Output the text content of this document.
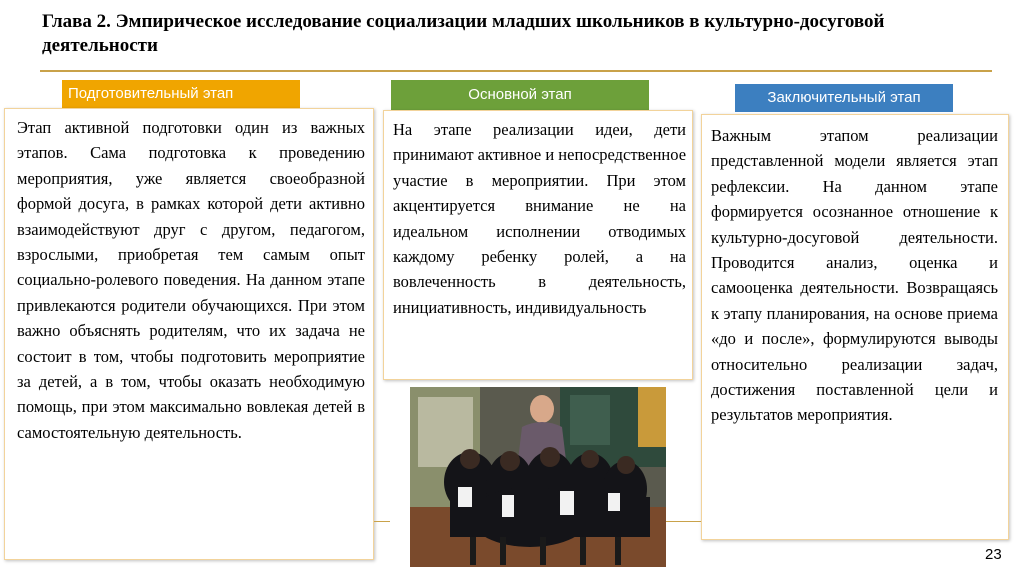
Глава 2. Эмпирическое исследование социализации младших школьников в культурно-досуговой деятельности
Подготовительный этап	Основной этап	Заключительный этап
Этап активной подготовки один из важных этапов. Сама подготовка к проведению мероприятия, уже является своеобразной формой досуга, в рамках которой дети активно взаимодействуют друг с другом, педагогом, взрослыми, приобретая тем самым опыт социально-ролевого поведения. На данном этапе привлекаются родители обучающихся. При этом важно объяснять родителям, что их задача не состоит в том, чтобы подготовить мероприятие за детей, а в том, чтобы оказать необходимую помощь, при этом максимально вовлекая детей в самостоятельную деятельность.
На этапе реализации идеи, дети принимают активное и непосредственное участие в мероприятии. При этом акцентируется внимание не на идеальном исполнении отводимых каждому ребенку ролей, а на вовлеченность в деятельность, инициативность, индивидуальность
Важным этапом реализации представленной модели является этап рефлексии. На данном этапе формируется осознанное отношение к культурно-досуговой деятельности. Проводится анализ, оценка и самооценка деятельности. Возвращаясь к этапу планирования, на основе приема «до и после», формулируются выводы относительно реализации задач, достижения поставленной цели и результатов мероприятия.
23
